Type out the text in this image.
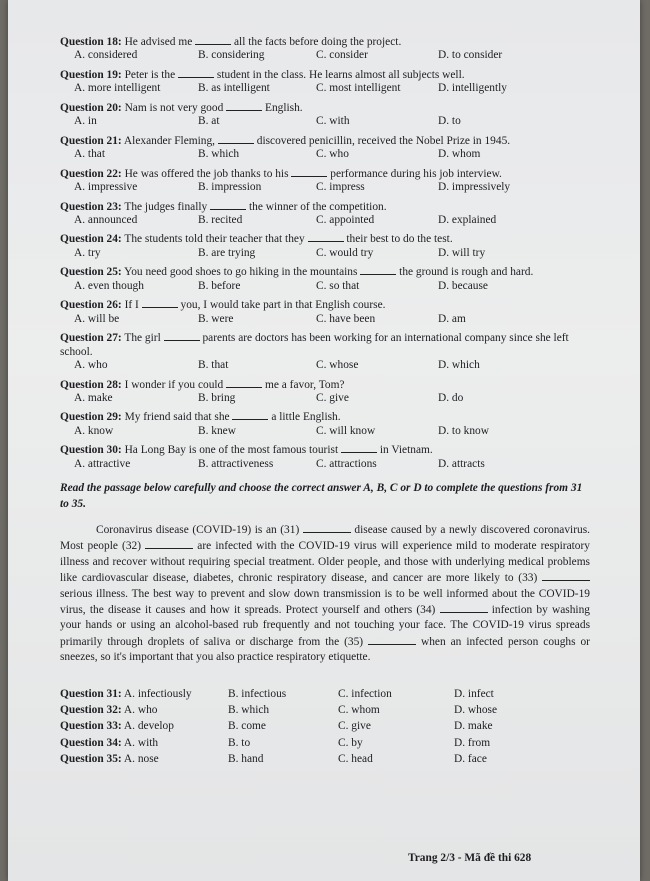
Question 18: He advised me	all the facts before doing the project.

A. considered	B. considering	C. consider	D. to consider

Question 19: Peter is the	student in the class. He learns almost all subjects well.

A. more intelligent	B. as intelligent	C. most intelligent	D. intelligently

Question 20: Nam is not very good	English.

A. in	B. at	C. with	D. to

Question 21: Alexander Fleming,	discovered penicillin, received the Nobel Prize in 1945.

A. that	B. which	C. who	D. whom

Question 22: He was offered the job thanks to his	performance during his job interview.

A. impressive	B. impression	C. impress	D. impressively

Question 23: The judges finally	the winner of the competition.

A. announced	B. recited	C. appointed	D. explained

Question 24: The students told their teacher that they	their best to do the test.

A. try	B. are trying	C. would try	D. will try

Question 25: You need good shoes to go hiking in the mountains	the ground is rough and hard.

A. even though	B. before	C. so that	D. because

Question 26: If I	you, I would take part in that English course.

A. will be	B. were	C. have been	D. am

Question 27: The girl	parents are doctors has been working for an international company since she left school.

A. who	B. that	C. whose	D. which

Question 28: I wonder if you could	me a favor, Tom?

A. make	B. bring	C. give	D. do

Question 29: My friend said that she	a little English.

A. know	B. knew	C. will know	D. to know

Question 30: Ha Long Bay is one of the most famous tourist	in Vietnam.

A. attractive	B. attractiveness	C. attractions	D. attracts

Read the passage below carefully and choose the correct answer A, B, C or D to complete the questions from 31 to 35.

Coronavirus disease (COVID-19) is an (31)	disease caused by a newly discovered coronavirus. Most people (32)	are infected with the COVID-19 virus will experience mild to moderate respiratory illness and recover without requiring special treatment. Older people, and those with underlying medical problems like cardiovascular disease, diabetes, chronic respiratory disease, and cancer are more likely to (33)  serious illness. The best way to prevent and slow down transmission is to be well informed about the COVID-19 virus, the disease it causes and how it spreads. Protect yourself and others (34)	infection by washing your hands or using an alcohol-based rub frequently and not touching your face. The COVID-19 virus spreads primarily through droplets of saliva or discharge from the (35)	when an infected person coughs or sneezes, so it's important that you also practice respiratory etiquette.

Question 31: A. infectiously	B. infectious	C. infection	D. infect
Question 32: A. who	B. which	C. whom	D. whose
Question 33: A. develop	B. come	C. give	D. make
Question 34: A. with	B. to	C. by	D. from
Question 35: A. nose	B. hand	C. head	D. face
Trang 2/3 - Mã đề thi 628
